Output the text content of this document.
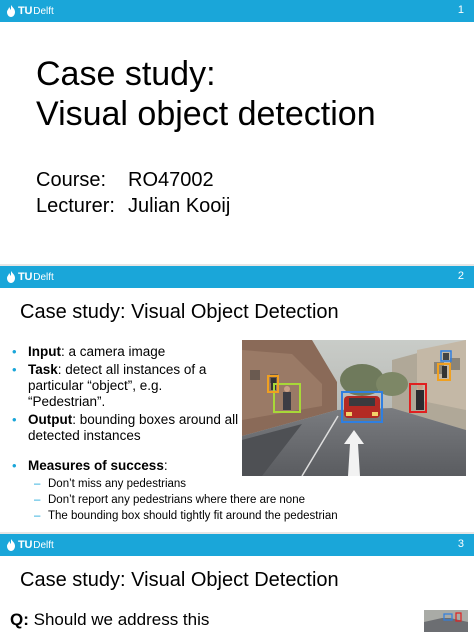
TU Delft	1
Case study:
Visual object detection
Course: RO47002
Lecturer: Julian Kooij
TU Delft	2
Case study: Visual Object Detection
• Input: a camera image
• Task: detect all instances of a particular “object”, e.g. “Pedestrian”.
• Output: bounding boxes around all detected instances
• Measures of success:
– Don’t miss any pedestrians
– Don’t report any pedestrians where there are none
– The bounding box should tightly fit around the pedestrian
TU Delft	3
Case study: Visual Object Detection
Q: Should we address this
